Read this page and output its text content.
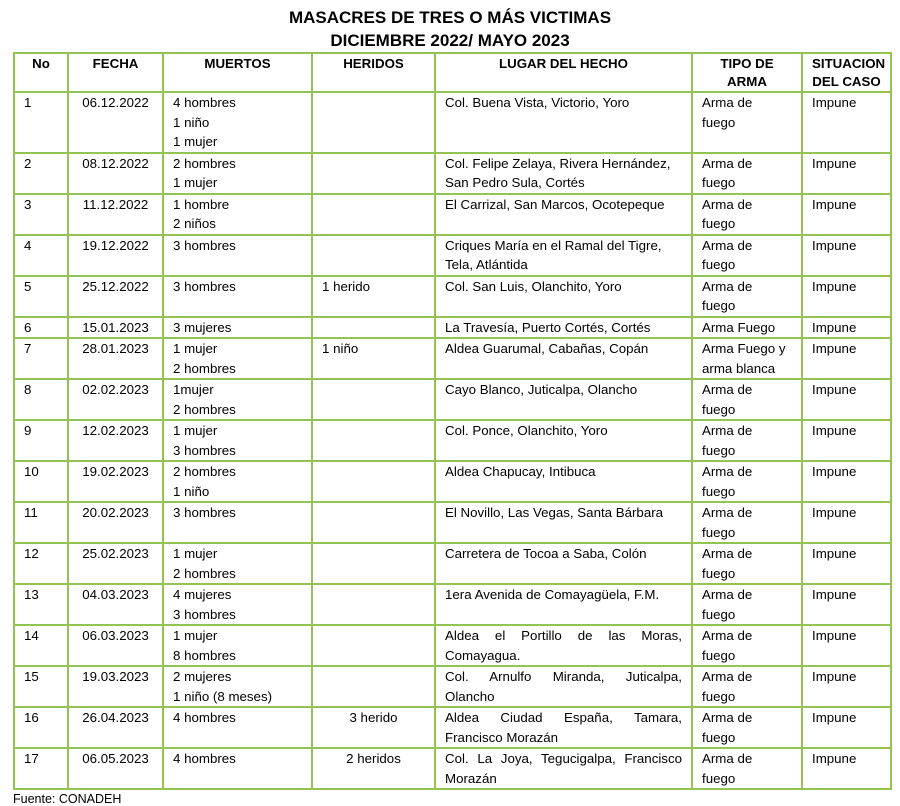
MASACRES DE TRES O MÁS VICTIMAS
DICIEMBRE 2022/ MAYO 2023
No	FECHA	MUERTOS	HERIDOS	LUGAR DEL HECHO	TIPO DE ARMA	SITUACION DEL CASO
1	06.12.2022	4 hombres
1 niño
1 mujer		Col. Buena Vista, Victorio, Yoro	Arma de
fuego	Impune
2	08.12.2022	2 hombres
1 mujer		Col. Felipe Zelaya, Rivera Hernández,
San Pedro Sula, Cortés	Arma de
fuego	Impune
3	11.12.2022	1 hombre
2 niños		El Carrizal, San Marcos, Ocotepeque	Arma de
fuego	Impune
4	19.12.2022	3 hombres		Criques María en el Ramal del Tigre,
Tela, Atlántida	Arma de
fuego	Impune
5	25.12.2022	3 hombres	1 herido	Col. San Luis, Olanchito, Yoro	Arma de
fuego	Impune
6	15.01.2023	3 mujeres		La Travesía, Puerto Cortés, Cortés	Arma Fuego	Impune
7	28.01.2023	1 mujer
2 hombres	1 niño	Aldea Guarumal, Cabañas, Copán	Arma Fuego y
arma blanca	Impune
8	02.02.2023	1mujer
2 hombres		Cayo Blanco, Juticalpa, Olancho	Arma de
fuego	Impune
9	12.02.2023	1 mujer
3 hombres		Col. Ponce, Olanchito, Yoro	Arma de
fuego	Impune
10	19.02.2023	2 hombres
1 niño		Aldea Chapucay, Intibuca	Arma de
fuego	Impune
11	20.02.2023	3 hombres		El Novillo, Las Vegas, Santa Bárbara	Arma de
fuego	Impune
12	25.02.2023	1 mujer
2 hombres		Carretera de Tocoa a Saba, Colón	Arma de
fuego	Impune
13	04.03.2023	4 mujeres
3 hombres		1era Avenida de Comayagüela, F.M.	Arma de
fuego	Impune
14	06.03.2023	1 mujer
8 hombres		Aldea el Portillo de las Moras,
Comayagua.	Arma de
fuego	Impune
15	19.03.2023	2 mujeres
1 niño (8 meses)		Col. Arnulfo Miranda, Juticalpa,
Olancho	Arma de
fuego	Impune
16	26.04.2023	4 hombres	3 herido	Aldea Ciudad España, Tamara,
Francisco Morazán	Arma de
fuego	Impune
17	06.05.2023	4 hombres	2 heridos	Col. La Joya, Tegucigalpa, Francisco
Morazán	Arma de
fuego	Impune
Fuente: CONADEH
